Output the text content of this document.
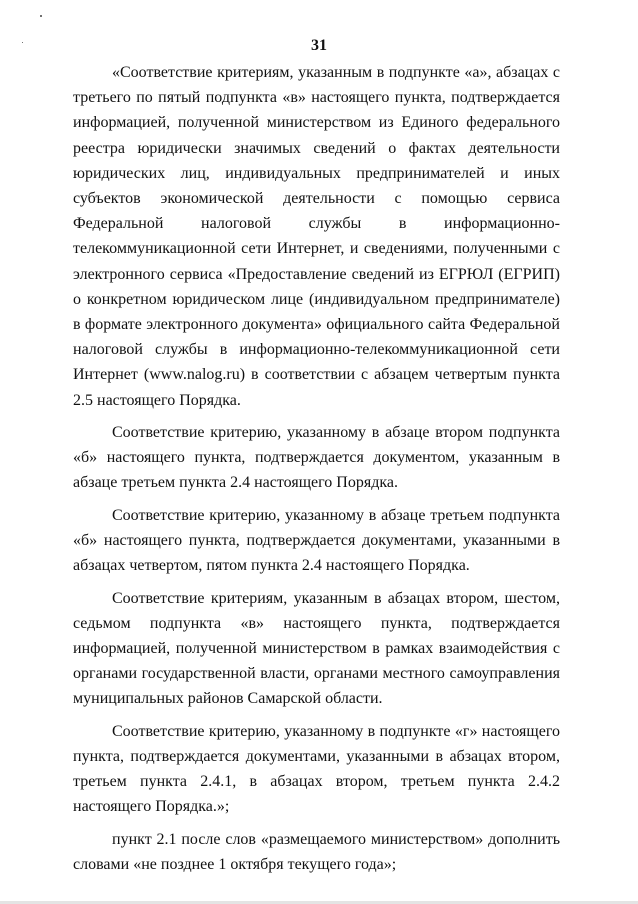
31

«Соответствие критериям, указанным в подпункте «а», абзацах с третьего по пятый подпункта «в» настоящего пункта, подтверждается информацией, полученной министерством из Единого федерального реестра юридически значимых сведений о фактах деятельности юридических лиц, индивидуальных предпринимателей и иных субъектов экономической деятельности с помощью сервиса Федеральной налоговой службы в информационно-телекоммуникационной сети Интернет, и сведениями, полученными с электронного сервиса «Предоставление сведений из ЕГРЮЛ (ЕГРИП) о конкретном юридическом лице (индивидуальном предпринимателе) в формате электронного документа» официального сайта Федеральной налоговой службы в информационно-телекоммуникационной сети Интернет (www.nalog.ru) в соответствии с абзацем четвертым пункта 2.5 настоящего Порядка.

Соответствие критерию, указанному в абзаце втором подпункта «б» настоящего пункта, подтверждается документом, указанным в абзаце третьем пункта 2.4 настоящего Порядка.

Соответствие критерию, указанному в абзаце третьем подпункта «б» настоящего пункта, подтверждается документами, указанными в абзацах четвертом, пятом пункта 2.4 настоящего Порядка.

Соответствие критериям, указанным в абзацах втором, шестом, седьмом подпункта «в» настоящего пункта, подтверждается информацией, полученной министерством в рамках взаимодействия с органами государственной власти, органами местного самоуправления муниципальных районов Самарской области.

Соответствие критерию, указанному в подпункте «г» настоящего пункта, подтверждается документами, указанными в абзацах втором, третьем пункта 2.4.1, в абзацах втором, третьем пункта 2.4.2 настоящего Порядка.»;

пункт 2.1 после слов «размещаемого министерством» дополнить словами «не позднее 1 октября текущего года»;
